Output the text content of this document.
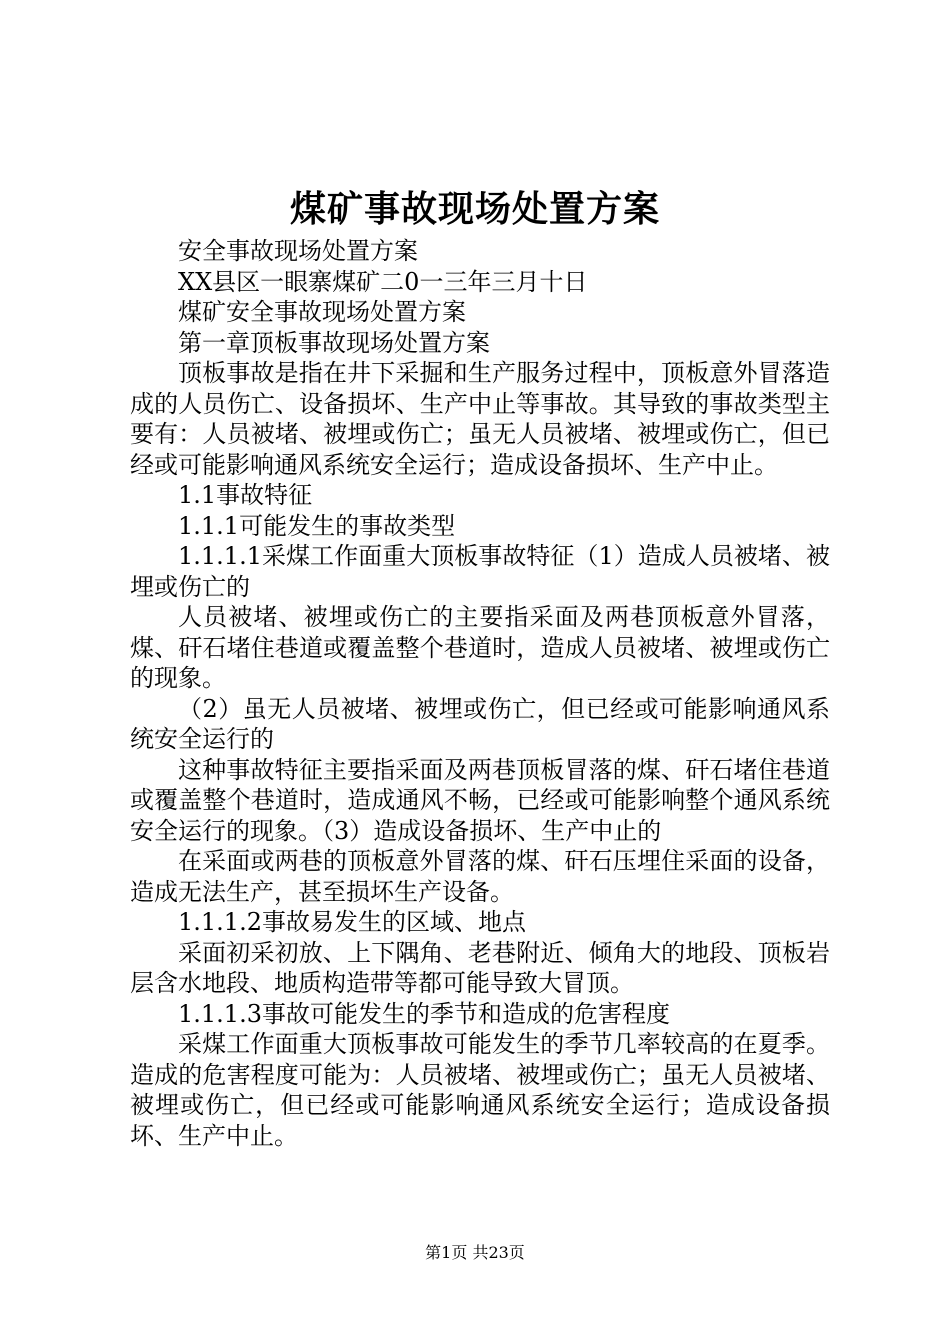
煤矿事故现场处置方案

安全事故现场处置方案

XX县区一眼寨煤矿二0一三年三月十日

煤矿安全事故现场处置方案

第一章顶板事故现场处置方案

顶板事故是指在井下采掘和生产服务过程中，顶板意外冒落造成的人员伤亡、设备损坏、生产中止等事故。其导致的事故类型主要有：人员被堵、被埋或伤亡；虽无人员被堵、被埋或伤亡，但已经或可能影响通风系统安全运行；造成设备损坏、生产中止。

1.1事故特征

1.1.1可能发生的事故类型

1.1.1.1采煤工作面重大顶板事故特征（1）造成人员被堵、被埋或伤亡的

人员被堵、被埋或伤亡的主要指采面及两巷顶板意外冒落，煤、矸石堵住巷道或覆盖整个巷道时，造成人员被堵、被埋或伤亡的现象。

（2）虽无人员被堵、被埋或伤亡，但已经或可能影响通风系统安全运行的

这种事故特征主要指采面及两巷顶板冒落的煤、矸石堵住巷道或覆盖整个巷道时，造成通风不畅，已经或可能影响整个通风系统安全运行的现象。（3）造成设备损坏、生产中止的

在采面或两巷的顶板意外冒落的煤、矸石压埋住采面的设备，造成无法生产，甚至损坏生产设备。

1.1.1.2事故易发生的区域、地点

采面初采初放、上下隅角、老巷附近、倾角大的地段、顶板岩层含水地段、地质构造带等都可能导致大冒顶。

1.1.1.3事故可能发生的季节和造成的危害程度

采煤工作面重大顶板事故可能发生的季节几率较高的在夏季。造成的危害程度可能为：人员被堵、被埋或伤亡；虽无人员被堵、被埋或伤亡，但已经或可能影响通风系统安全运行；造成设备损坏、生产中止。

第1页 共23页
